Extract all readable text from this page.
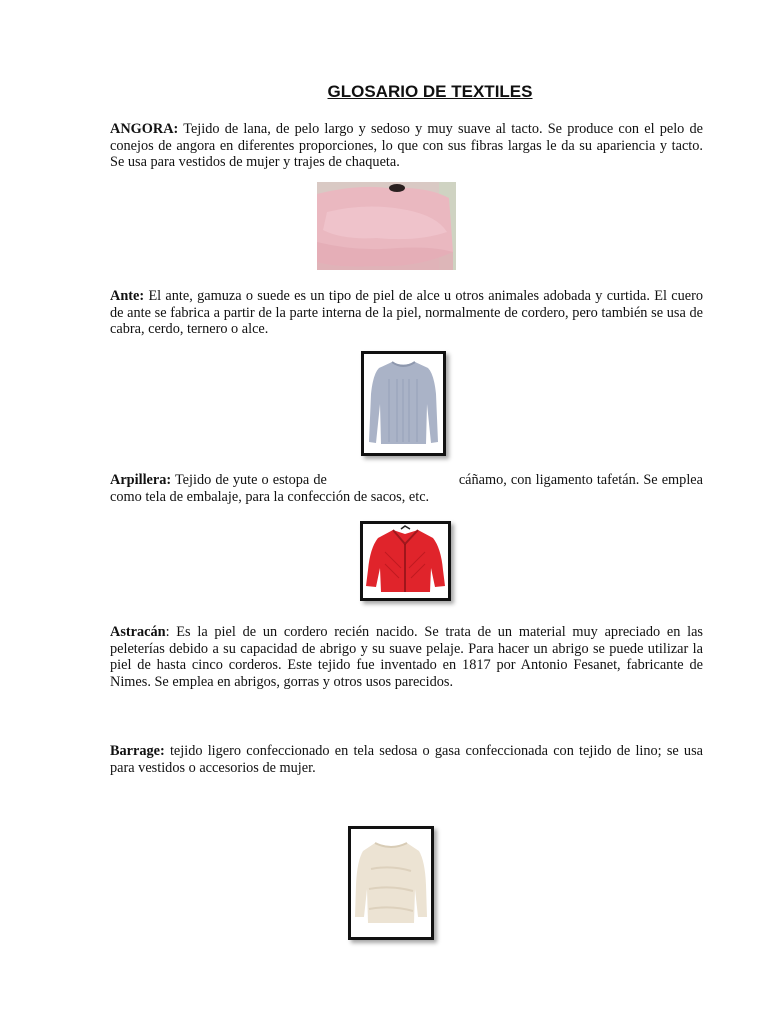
GLOSARIO DE TEXTILES

ANGORA: Tejido de lana, de pelo largo y sedoso y muy suave al tacto. Se produce con el pelo de conejos de angora en diferentes proporciones, lo que con sus fibras largas le da su apariencia y tacto. Se usa para vestidos de mujer y trajes de chaqueta.

Ante: El ante, gamuza o suede es un tipo de piel de alce u otros animales adobada y curtida. El cuero de ante se fabrica a partir de la parte interna de la piel, normalmente de cordero, pero también se usa de cabra, cerdo, ternero o alce.

Arpillera: Tejido de yute o estopa de	cáñamo, con ligamento tafetán. Se emplea como tela de embalaje, para la confección de sacos, etc.

Astracán: Es la piel de un cordero recién nacido. Se trata de un material muy apreciado en las peleterías debido a su capacidad de abrigo y su suave pelaje. Para hacer un abrigo se puede utilizar la piel de hasta cinco corderos. Este tejido fue inventado en 1817 por Antonio Fesanet, fabricante de Nimes. Se emplea en abrigos, gorras y otros usos parecidos.

Barrage: tejido ligero confeccionado en tela sedosa o gasa confeccionada con tejido de lino; se usa para vestidos o accesorios de mujer.
